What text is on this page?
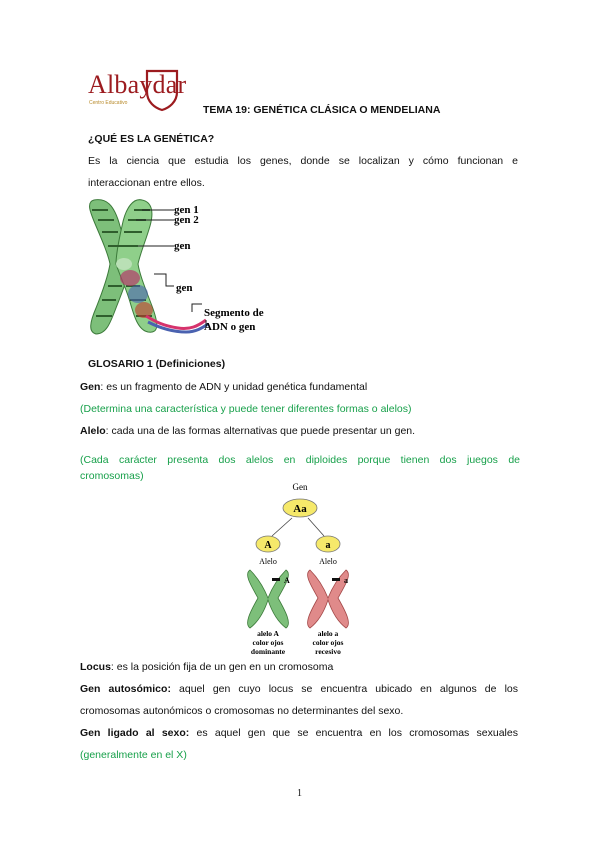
Albaydar
Centro Educativo
TEMA 19: GENÉTICA CLÁSICA O MENDELIANA
¿QUÉ ES LA GENÉTICA?
Es la ciencia que estudia los genes, donde se localizan y cómo funcionan e
interaccionan entre ellos.
gen 1
gen 2
gen
gen
Segmento de
ADN o gen
GLOSARIO 1 (Definiciones)
Gen: es un fragmento de ADN y unidad genética fundamental
(Determina una característica y puede tener diferentes formas o alelos)
Alelo: cada una de las formas alternativas que puede presentar un gen.
(Cada carácter presenta dos alelos en diploides porque tienen dos juegos de
cromosomas)
Gen
Aa
A	a
Alelo	Alelo
A	a
alelo A
color ojos
dominante
alelo a
color ojos
recesivo
Locus: es la posición fija de un gen en un cromosoma
Gen autosómico: aquel gen cuyo locus se encuentra ubicado en algunos de los
cromosomas autonómicos o cromosomas no determinantes del sexo.
Gen ligado al sexo: es aquel gen que se encuentra en los cromosomas sexuales
(generalmente en el X)
1
